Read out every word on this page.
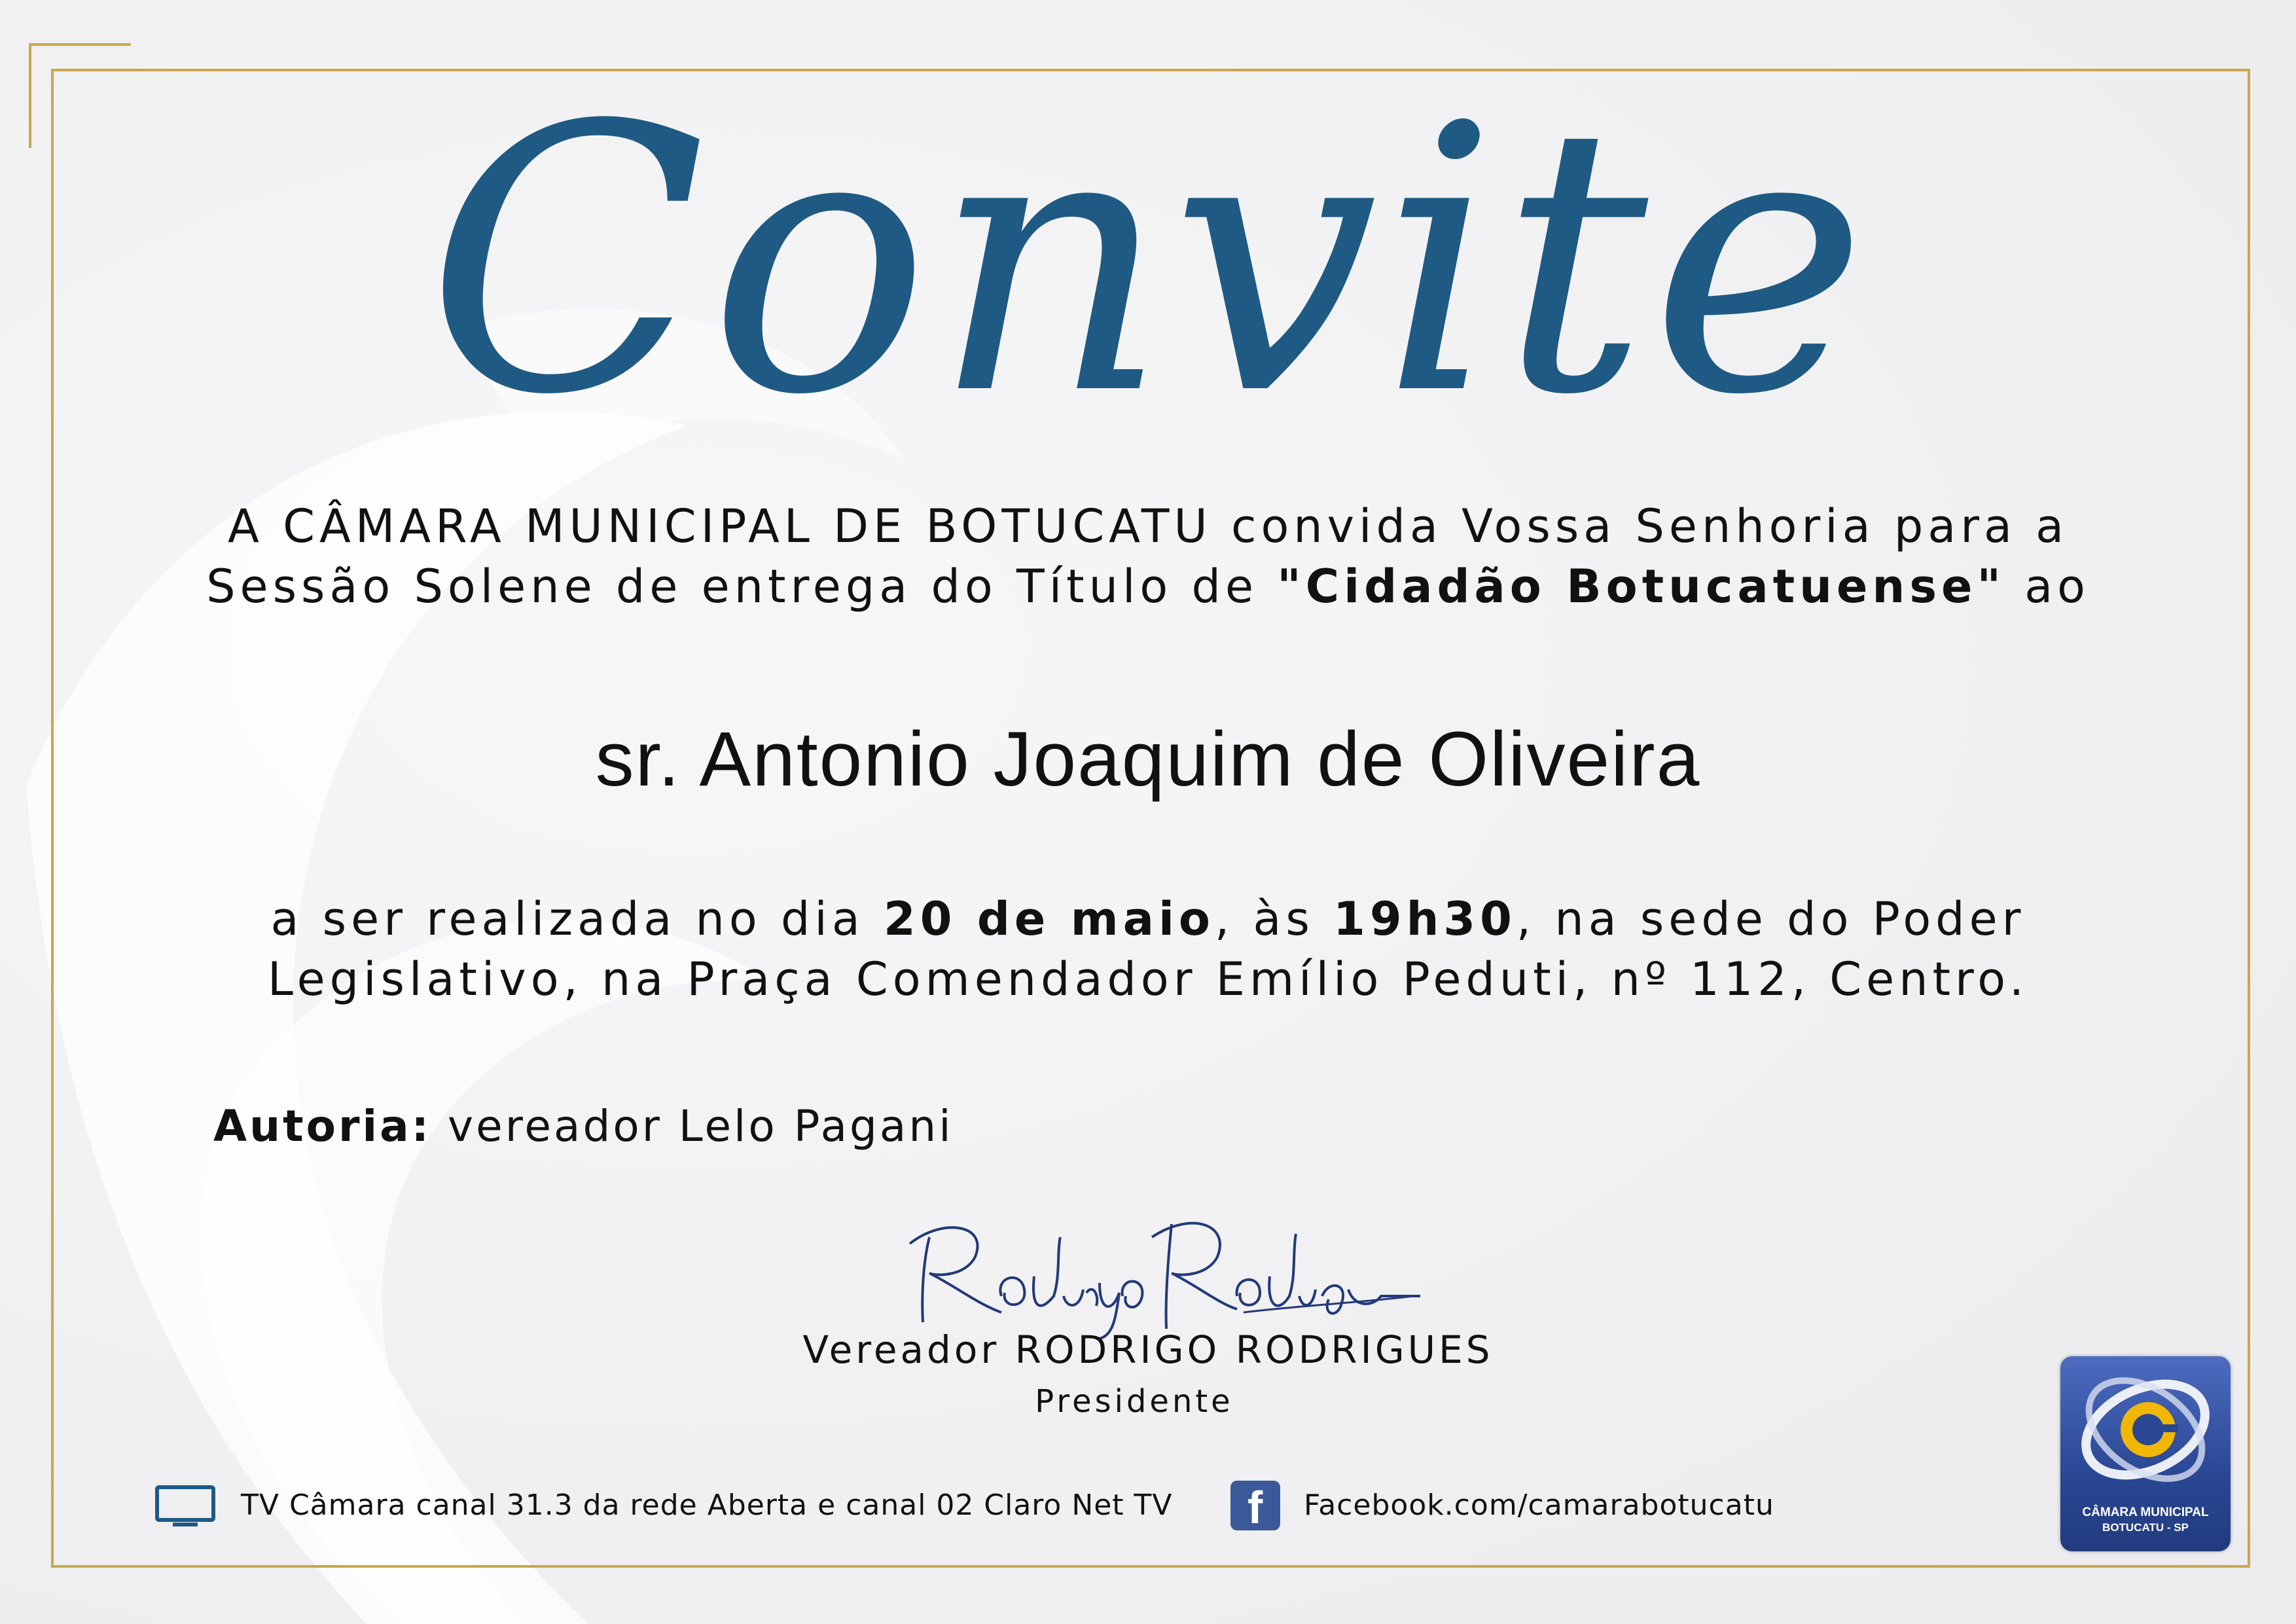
Convite
A CÂMARA MUNICIPAL DE BOTUCATU convida Vossa Senhoria para a
Sessão Solene de entrega do Título de "Cidadão Botucatuense" ao
sr. Antonio Joaquim de Oliveira
a ser realizada no dia 20 de maio, às 19h30, na sede do Poder
Legislativo, na Praça Comendador Emílio Peduti, nº 112, Centro.
Autoria: vereador Lelo Pagani
Vereador RODRIGO RODRIGUES
Presidente
TV Câmara canal 31.3 da rede Aberta e canal 02 Claro Net TV f Facebook.com/camarabotucatu	CÂMARA MUNICIPAL
BOTUCATU - SP
